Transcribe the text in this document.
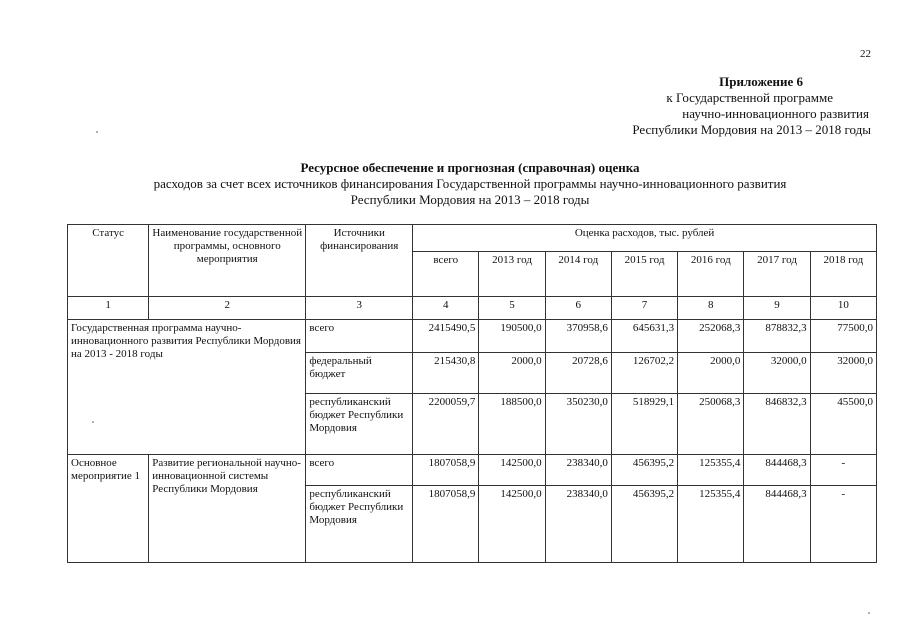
22
Приложение 6
к Государственной программе
научно-инновационного развития
Республики Мордовия на 2013 – 2018 годы
Ресурсное обеспечение и прогнозная (справочная) оценка
расходов за счет всех источников финансирования Государственной программы научно-инновационного развития
Республики Мордовия на 2013 – 2018 годы
Статус	Наименование государственной программы, основного мероприятия	Источники финансирования	Оценка расходов, тыс. рублей						
			всего	2013 год	2014 год	2015 год	2016 год	2017 год	2018 год
1	2	3	4	5	6	7	8	9	10
Государственная программа научно-инновационного развития Республики Мордовия на 2013 - 2018 годы		всего	2415490,5	190500,0	370958,6	645631,3	252068,3	878832,3	77500,0
		федеральный бюджет	215430,8	2000,0	20728,6	126702,2	2000,0	32000,0	32000,0
		республиканский бюджет Республики Мордовия	2200059,7	188500,0	350230,0	518929,1	250068,3	846832,3	45500,0
Основное мероприятие 1	Развитие региональной научно-инновационной системы Республики Мордовия	всего	1807058,9	142500,0	238340,0	456395,2	125355,4	844468,3	-
		республиканский бюджет Республики Мордовия	1807058,9	142500,0	238340,0	456395,2	125355,4	844468,3	-
